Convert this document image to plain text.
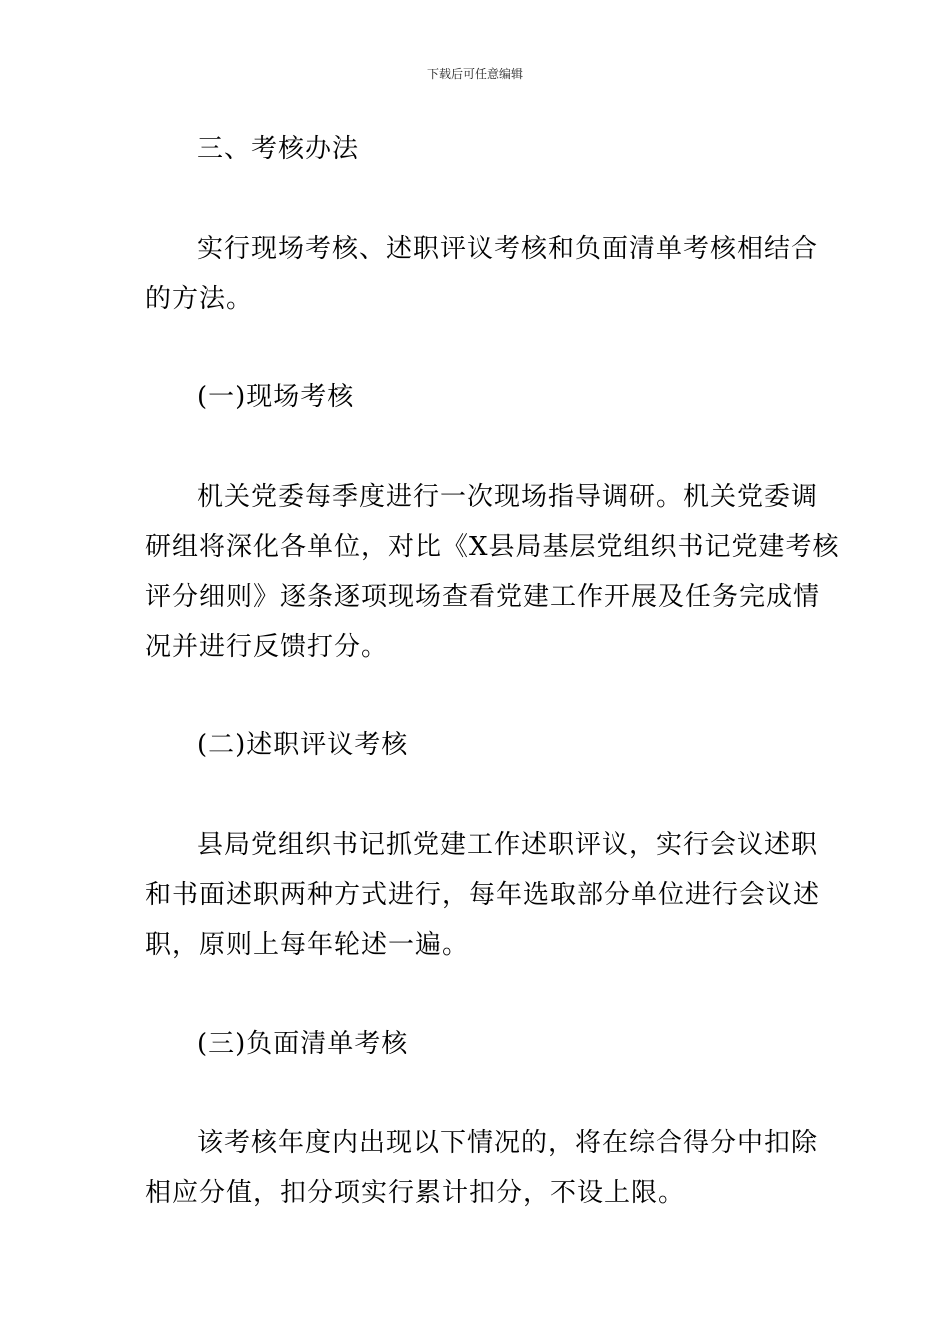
下载后可任意编辑
三、考核办法
实行现场考核、述职评议考核和负面清单考核相结合
的方法。
(一)现场考核
机关党委每季度进行一次现场指导调研。机关党委调
研组将深化各单位，对比《X县局基层党组织书记党建考核
评分细则》逐条逐项现场查看党建工作开展及任务完成情
况并进行反馈打分。
(二)述职评议考核
县局党组织书记抓党建工作述职评议，实行会议述职
和书面述职两种方式进行，每年选取部分单位进行会议述
职，原则上每年轮述一遍。
(三)负面清单考核
该考核年度内出现以下情况的，将在综合得分中扣除
相应分值，扣分项实行累计扣分，不设上限。
